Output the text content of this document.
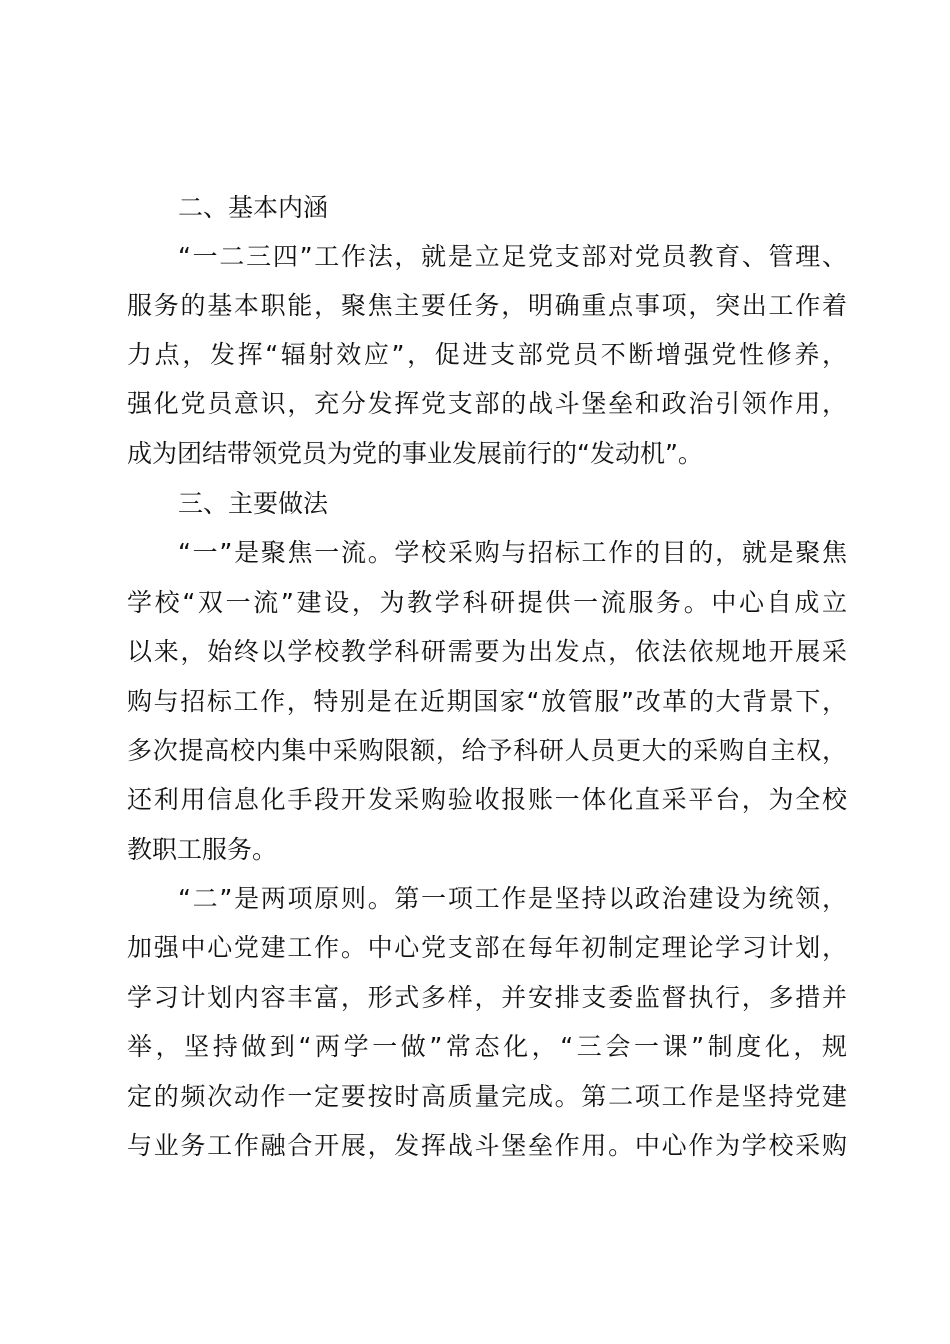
二、基本内涵
“一二三四”工作法，就是立足党支部对党员教育、管理、
服务的基本职能，聚焦主要任务，明确重点事项，突出工作着
力点，发挥“辐射效应”，促进支部党员不断增强党性修养，
强化党员意识，充分发挥党支部的战斗堡垒和政治引领作用，
成为团结带领党员为党的事业发展前行的“发动机”。
三、主要做法
“一”是聚焦一流。学校采购与招标工作的目的，就是聚焦
学校“双一流”建设，为教学科研提供一流服务。中心自成立
以来，始终以学校教学科研需要为出发点，依法依规地开展采
购与招标工作，特别是在近期国家“放管服”改革的大背景下，
多次提高校内集中采购限额，给予科研人员更大的采购自主权，
还利用信息化手段开发采购验收报账一体化直采平台，为全校
教职工服务。
“二”是两项原则。第一项工作是坚持以政治建设为统领，
加强中心党建工作。中心党支部在每年初制定理论学习计划，
学习计划内容丰富，形式多样，并安排支委监督执行，多措并
举，坚持做到“两学一做”常态化，“三会一课”制度化，规
定的频次动作一定要按时高质量完成。第二项工作是坚持党建
与业务工作融合开展，发挥战斗堡垒作用。中心作为学校采购
